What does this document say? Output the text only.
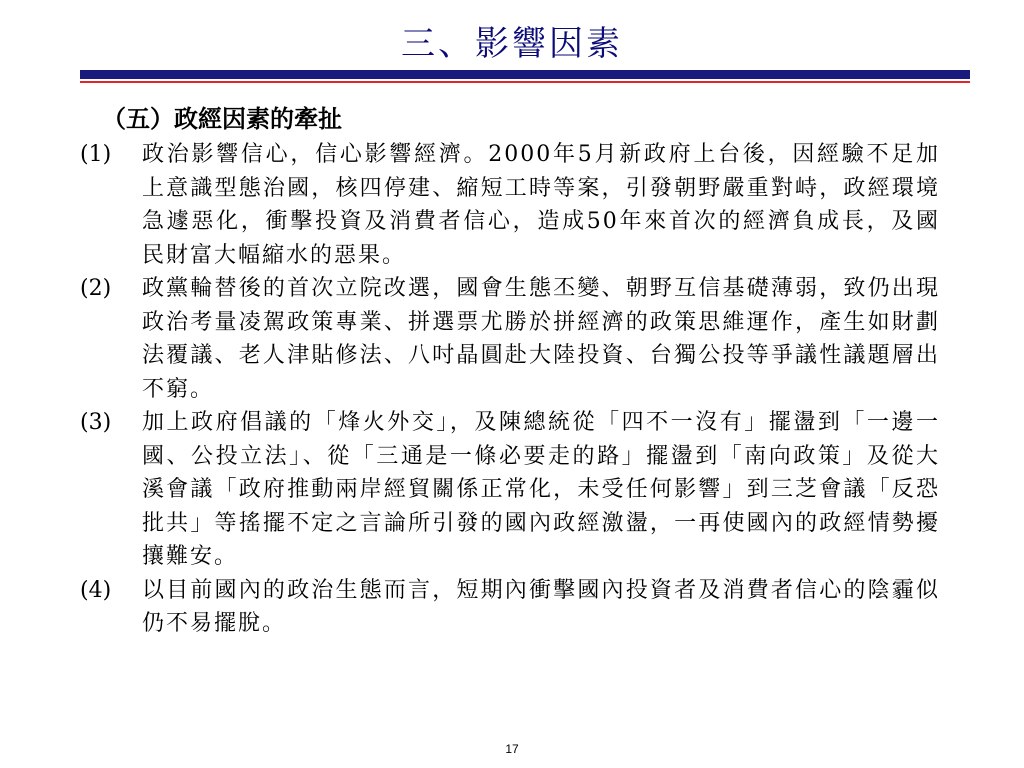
三、影響因素
（五）政經因素的牽扯
(1)	政治影響信心，信心影響經濟。2000年5月新政府上台後，因經驗不足加上意識型態治國，核四停建、縮短工時等案，引發朝野嚴重對峙，政經環境急遽惡化，衝擊投資及消費者信心，造成50年來首次的經濟負成長，及國民財富大幅縮水的惡果。
(2)	政黨輪替後的首次立院改選，國會生態丕變、朝野互信基礎薄弱，致仍出現政治考量凌駕政策專業、拼選票尤勝於拼經濟的政策思維運作，產生如財劃法覆議、老人津貼修法、八吋晶圓赴大陸投資、台獨公投等爭議性議題層出不窮。
(3)	加上政府倡議的「烽火外交」，及陳總統從「四不一沒有」擺盪到「一邊一國、公投立法」、從「三通是一條必要走的路」擺盪到「南向政策」及從大溪會議「政府推動兩岸經貿關係正常化，未受任何影響」到三芝會議「反恐批共」等搖擺不定之言論所引發的國內政經激盪，一再使國內的政經情勢擾攘難安。
(4)	以目前國內的政治生態而言，短期內衝擊國內投資者及消費者信心的陰霾似仍不易擺脫。
17
